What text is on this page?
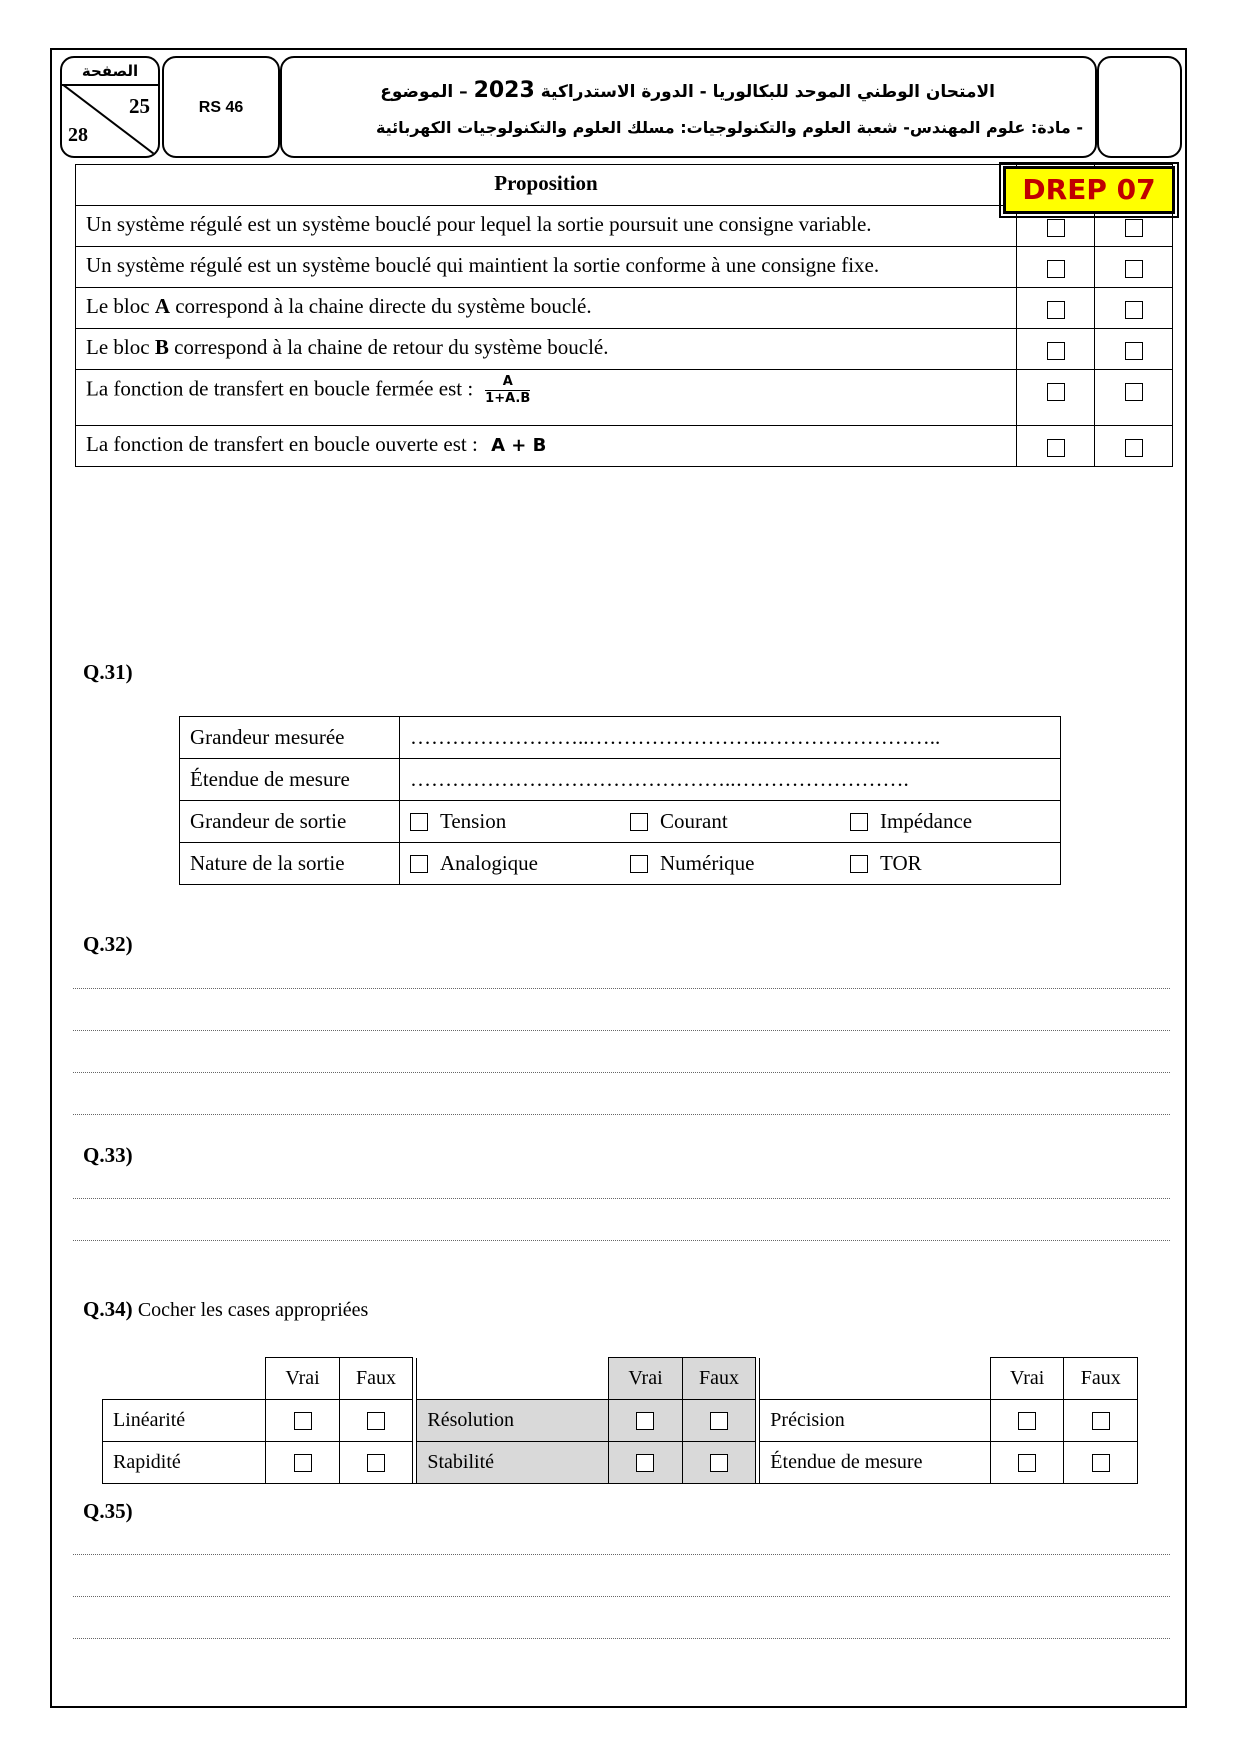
الصفحة
25
28
RS 46
الامتحان الوطني الموحد للبكالوريا - الدورة الاستدراكية 2023 – الموضوع
- مادة: علوم المهندس- شعبة العلوم والتكنولوجيات: مسلك العلوم والتكنولوجيات الكهربائية
Proposition		
Un système régulé est un système bouclé pour lequel la sortie poursuit une consigne variable.		
Un système régulé est un système bouclé qui maintient la sortie conforme à une consigne fixe.		
Le bloc A correspond à la chaine directe du système bouclé.		
Le bloc B correspond à la chaine de retour du système bouclé.		
La fonction de transfert en boucle fermée est : $\frac{A}{1+A.B}$

La fonction de transfert en boucle ouverte est : A + B		
DREP 07
Q.31)
Grandeur mesurée	……………………..…………………….……………………..
Étendue de mesure	………………………………………..…………………….
Grandeur de sortie	Tension Courant Impédance
Nature de la sortie	Analogique Numérique TOR
Q.32)
Q.33)
Q.34) Cocher les cases appropriées
	Vrai	Faux			Vrai	Faux			Vrai	Faux
Linéarité				Résolution				Précision		
Rapidité				Stabilité				Étendue de mesure		
Q.35)
